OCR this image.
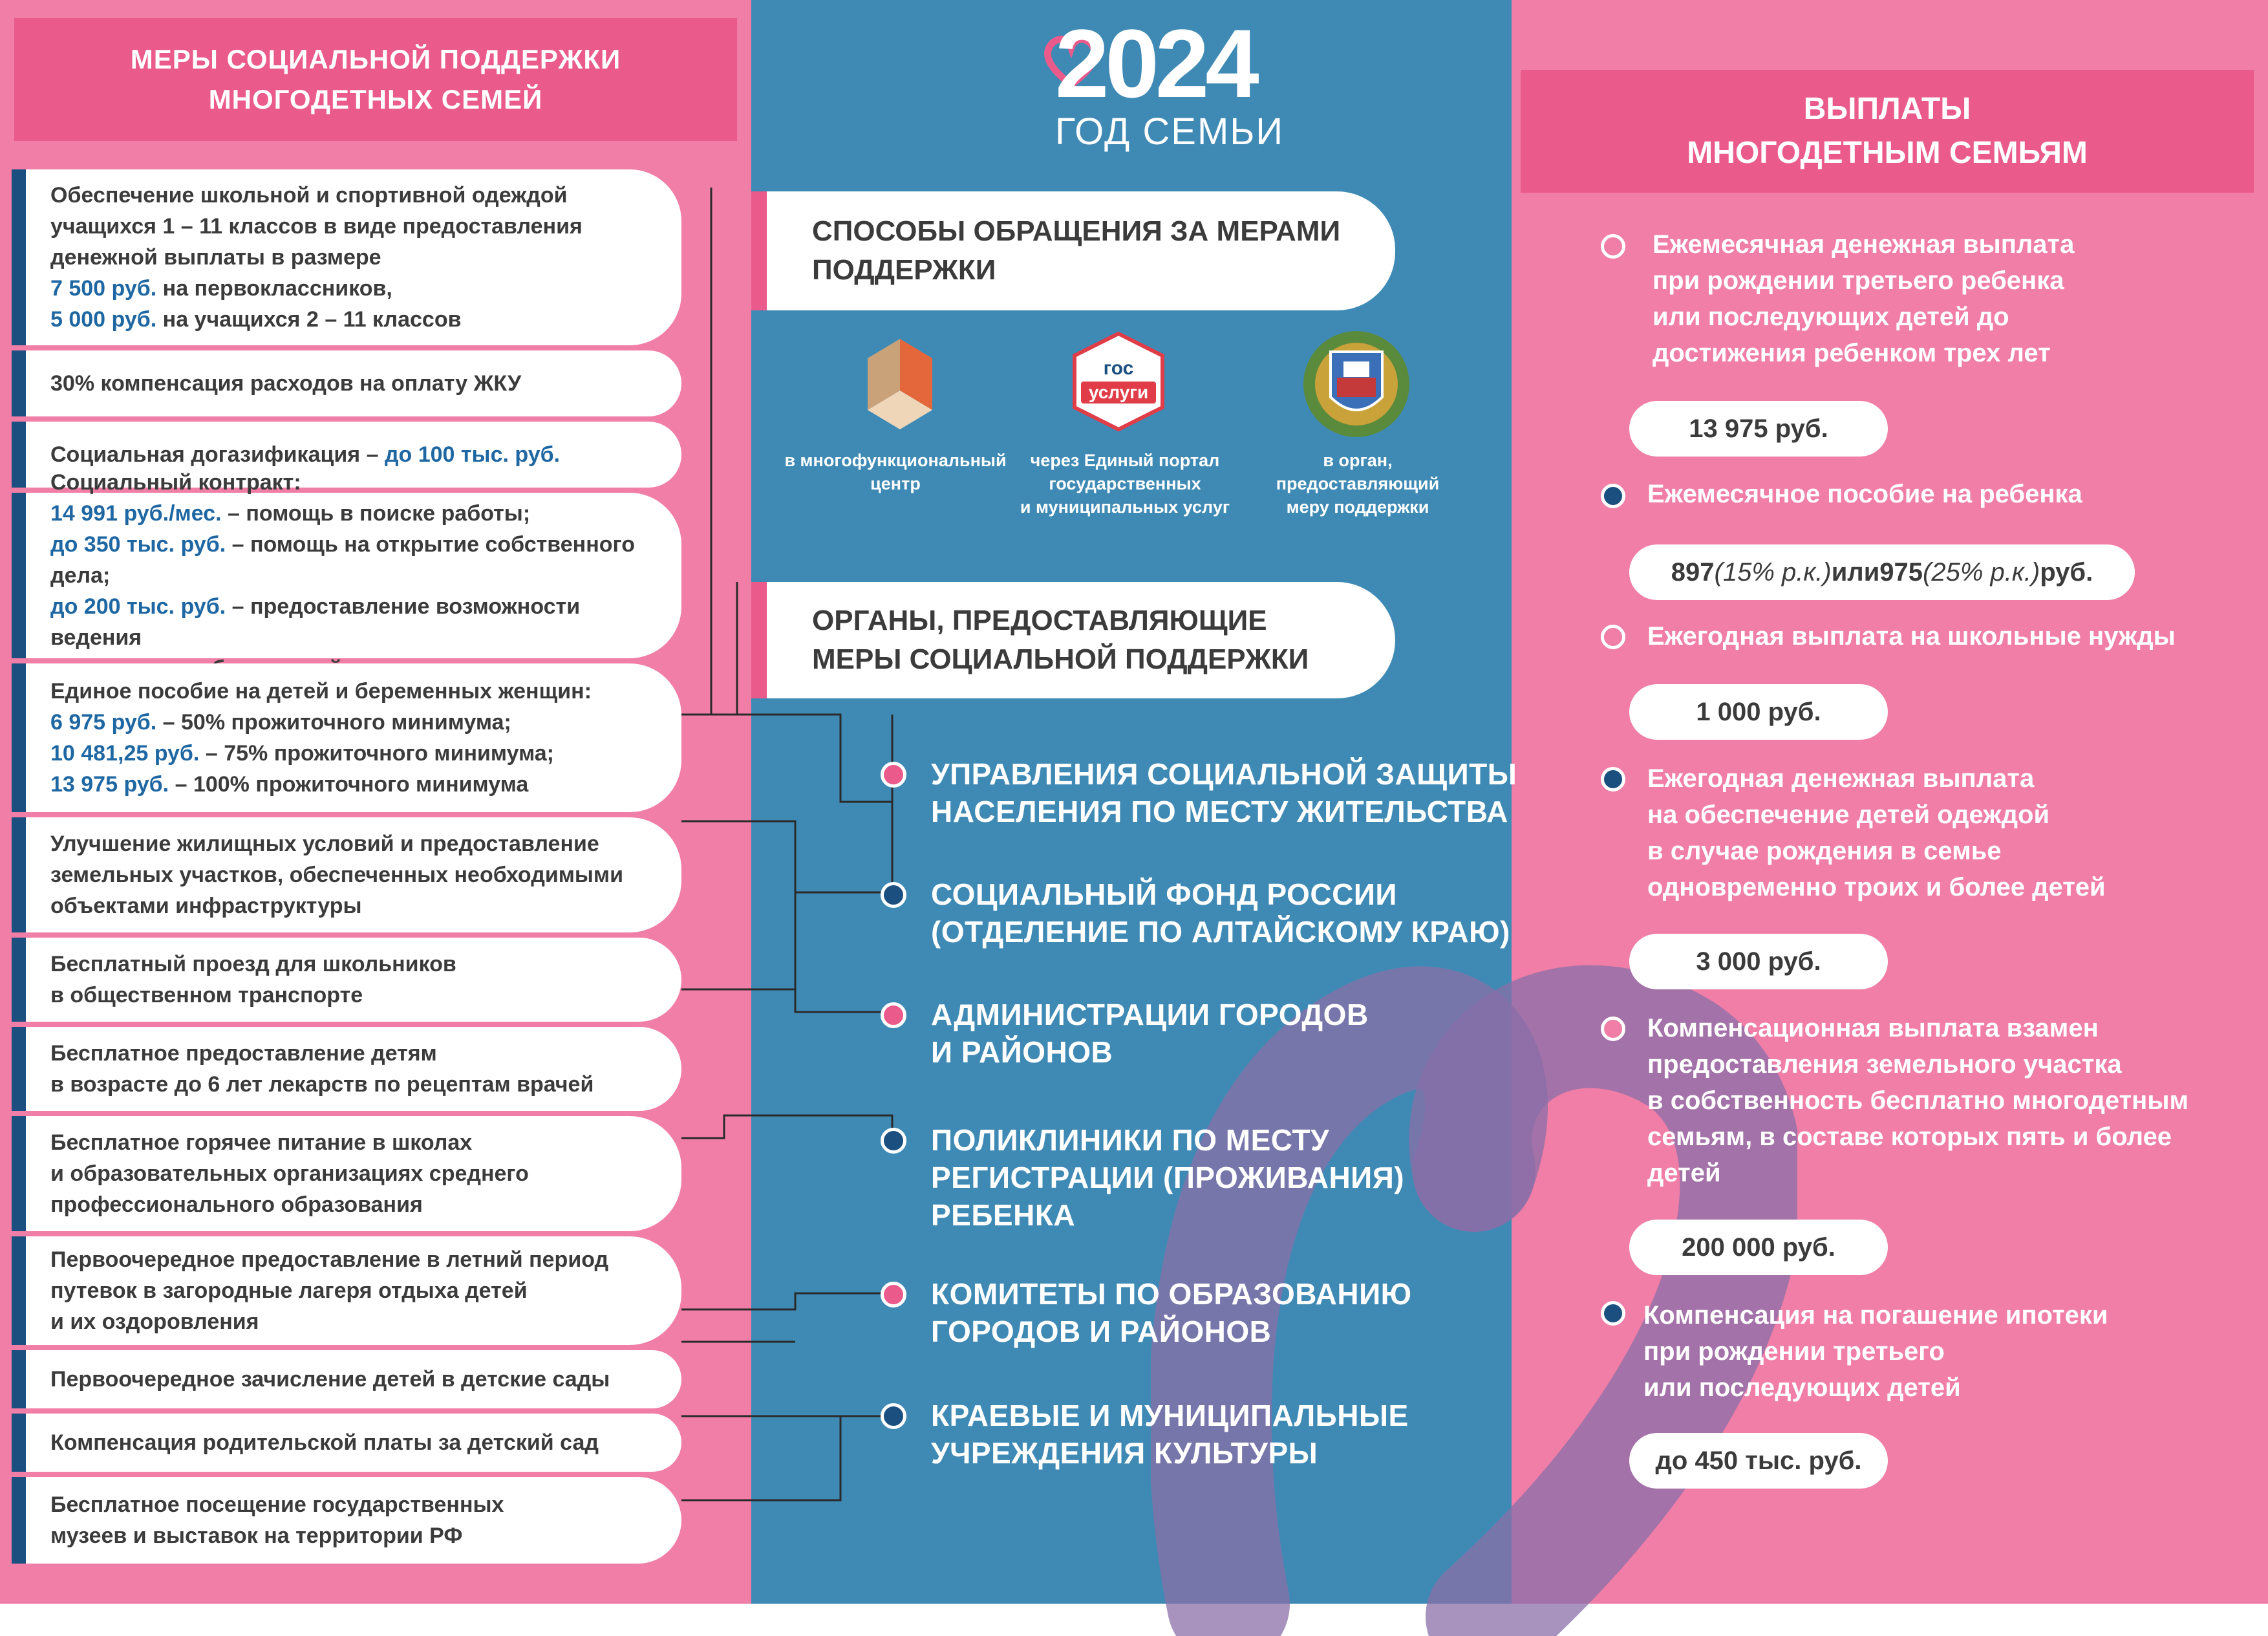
МЕРЫ СОЦИАЛЬНОЙ ПОДДЕРЖКИ
МНОГОДЕТНЫХ СЕМЕЙ
Обеспечение школьной и спортивной одеждой
учащихся 1 – 11 классов в виде предоставления
денежной выплаты в размере
7 500 руб. на первоклассников,
5 000 руб. на учащихся 2 – 11 классов
30% компенсация расходов на оплату ЖКУ
Социальная догазификация – до 100 тыс. руб.
Социальный контракт:
14 991 руб./мес. – помощь в поиске работы;
до 350 тыс. руб. – помощь на открытие собственного дела;
до 200 тыс. руб. – предоставление возможности ведения
Единое пособие на детей и беременных женщин:
6 975 руб. – 50% прожиточного минимума;
10 481,25 руб. – 75% прожиточного минимума;
13 975 руб. – 100% прожиточного минимума
Улучшение жилищных условий и предоставление
земельных участков, обеспеченных необходимыми
объектами инфраструктуры
Бесплатный проезд для школьников
в общественном транспорте
Бесплатное предоставление детям
в возрасте до 6 лет лекарств по рецептам врачей
Бесплатное горячее питание в школах
и образовательных организациях среднего
профессионального образования
Первоочередное предоставление в летний период
путевок в загородные лагеря отдыха детей
и их оздоровления
Первоочередное зачисление детей в детские сады
Компенсация родительской платы за детский сад
Бесплатное посещение государственных
музеев и выставок на территории РФ
2024
ГОД СЕМЬИ
СПОСОБЫ ОБРАЩЕНИЯ ЗА МЕРАМИ
ПОДДЕРЖКИ
гос
услуги
в многофункциональный
центр
через Единый портал
государственных
и муниципальных услуг
в орган,
предоставляющий
меру поддержки
ОРГАНЫ, ПРЕДОСТАВЛЯЮЩИЕ
МЕРЫ СОЦИАЛЬНОЙ ПОДДЕРЖКИ
УПРАВЛЕНИЯ СОЦИАЛЬНОЙ ЗАЩИТЫ
НАСЕЛЕНИЯ ПО МЕСТУ ЖИТЕЛЬСТВА
СОЦИАЛЬНЫЙ ФОНД РОССИИ
(ОТДЕЛЕНИЕ ПО АЛТАЙСКОМУ КРАЮ)
АДМИНИСТРАЦИИ ГОРОДОВ
И РАЙОНОВ
ПОЛИКЛИНИКИ ПО МЕСТУ
РЕГИСТРАЦИИ (ПРОЖИВАНИЯ)
РЕБЕНКА
КОМИТЕТЫ ПО ОБРАЗОВАНИЮ
ГОРОДОВ И РАЙОНОВ
КРАЕВЫЕ И МУНИЦИПАЛЬНЫЕ
УЧРЕЖДЕНИЯ КУЛЬТУРЫ
ВЫПЛАТЫ
МНОГОДЕТНЫМ СЕМЬЯМ
Ежемесячная денежная выплата
при рождении третьего ребенка
или последующих детей до
достижения ребенком трех лет
13 975 руб.
Ежемесячное пособие на ребенка
897 (15% р.к.) или 975 (25% р.к.) руб.
Ежегодная выплата на школьные нужды
1 000 руб.
Ежегодная денежная выплата
на обеспечение детей одеждой
в случае рождения в семье
одновременно троих и более детей
3 000 руб.
Компенсационная выплата взамен
предоставления земельного участка
в собственность бесплатно многодетным
семьям, в составе которых пять и более
детей
200 000 руб.
Компенсация на погашение ипотеки
при рождении третьего
или последующих детей
до 450 тыс. руб.
